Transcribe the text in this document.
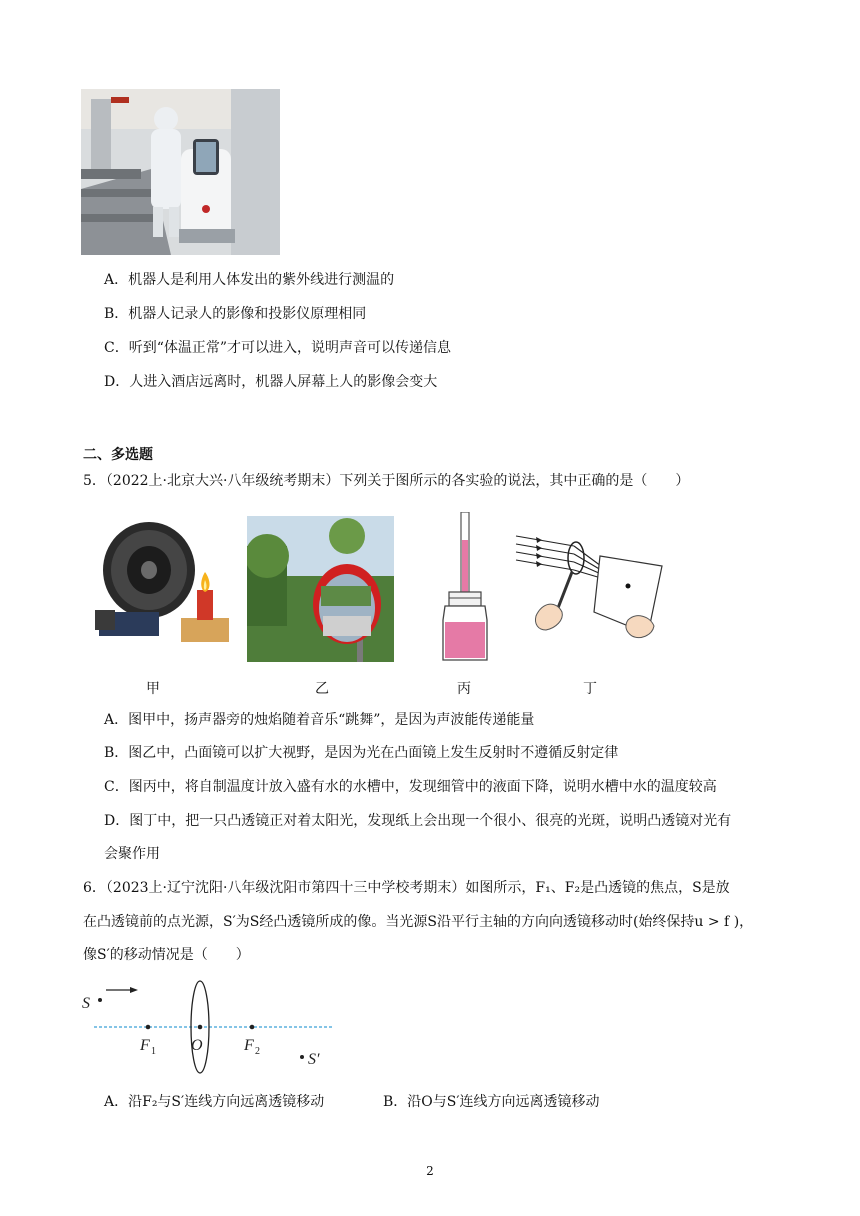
A．机器人是利用人体发出的紫外线进行测温的
B．机器人记录人的影像和投影仪原理相同
C．听到“体温正常”才可以进入，说明声音可以传递信息
D．人进入酒店远离时，机器人屏幕上人的影像会变大
二、多选题
5．（2022上·北京大兴·八年级统考期末）下列关于图所示的各实验的说法，其中正确的是（　　）
甲	乙	丙	丁
A．图甲中，扬声器旁的烛焰随着音乐“跳舞”，是因为声波能传递能量
B．图乙中，凸面镜可以扩大视野，是因为光在凸面镜上发生反射时不遵循反射定律
C．图丙中，将自制温度计放入盛有水的水槽中，发现细管中的液面下降，说明水槽中水的温度较高
D．图丁中，把一只凸透镜正对着太阳光，发现纸上会出现一个很小、很亮的光斑，说明凸透镜对光有
会聚作用
6．（2023上·辽宁沈阳·八年级沈阳市第四十三中学校考期末）如图所示，F₁、F₂是凸透镜的焦点，S是放
在凸透镜前的点光源，S′为S经凸透镜所成的像。当光源S沿平行主轴的方向向透镜移动时(始终保持u > f )，
像S′的移动情况是（　　）
S
S′
F 1 O	F 2
A．沿F₂与S′连线方向远离透镜移动	B．沿O与S′连线方向远离透镜移动
2
